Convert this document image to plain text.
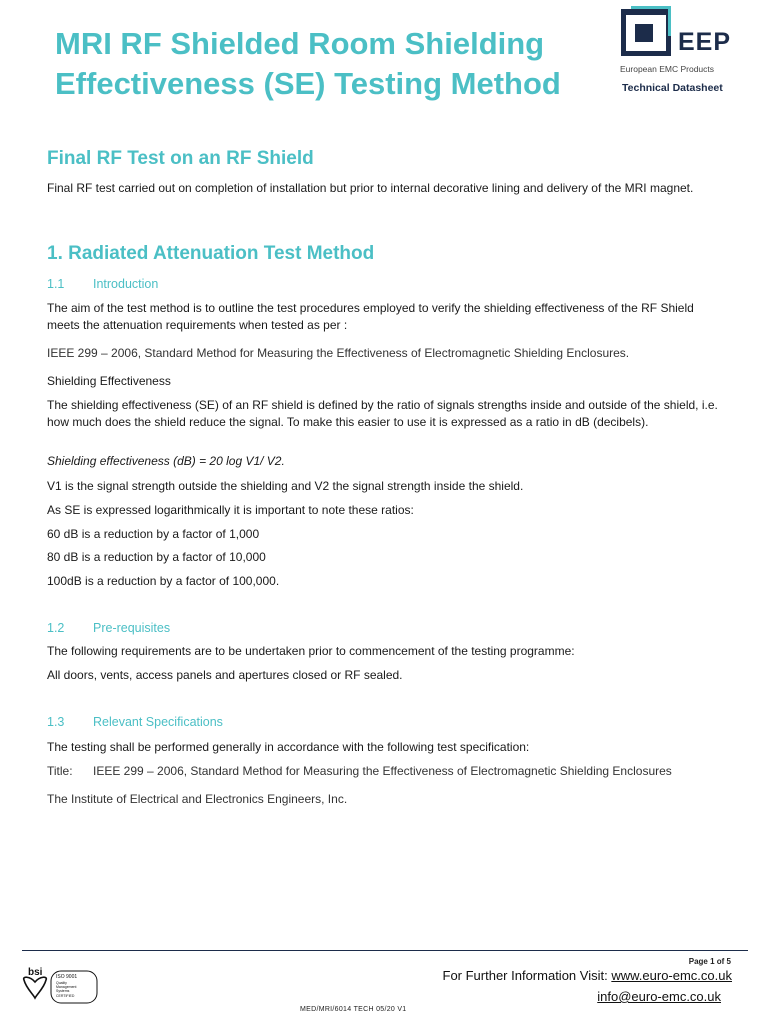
MRI RF Shielded Room Shielding
Effectiveness (SE) Testing Method
EEP
European EMC Products
Technical Datasheet
Final RF Test on an RF Shield
Final RF test carried out on completion of installation but prior to internal decorative lining and delivery of the MRI magnet.
1. Radiated Attenuation Test Method
1.1 Introduction
The aim of the test method is to outline the test procedures employed to verify the shielding effectiveness of the RF Shield meets the attenuation requirements when tested as per :
IEEE 299 – 2006, Standard Method for Measuring the Effectiveness of Electromagnetic Shielding Enclosures.
Shielding Effectiveness
The shielding effectiveness (SE) of an RF shield is defined by the ratio of signals strengths inside and outside of the shield, i.e. how much does the shield reduce the signal. To make this easier to use it is expressed as a ratio in dB (decibels).
Shielding effectiveness (dB) = 20 log V1/ V2.
V1 is the signal strength outside the shielding and V2 the signal strength inside the shield.
As SE is expressed logarithmically it is important to note these ratios:
60 dB is a reduction by a factor of 1,000
80 dB is a reduction by a factor of 10,000
100dB is a reduction by a factor of 100,000.
1.2 Pre-requisites
The following requirements are to be undertaken prior to commencement of the testing programme:
All doors, vents, access panels and apertures closed or RF sealed.
1.3 Relevant Specifications
The testing shall be performed generally in accordance with the following test specification:
Title: IEEE 299 – 2006, Standard Method for Measuring the Effectiveness of Electromagnetic Shielding Enclosures
The Institute of Electrical and Electronics Engineers, Inc.
Page 1 of 5
For Further Information Visit: www.euro-emc.co.uk
info@euro-emc.co.uk
MED/MRI/6014 TECH 05/20 V1
bsi	ISO 9001
Quality
Management
Systems
CERTIFIED
